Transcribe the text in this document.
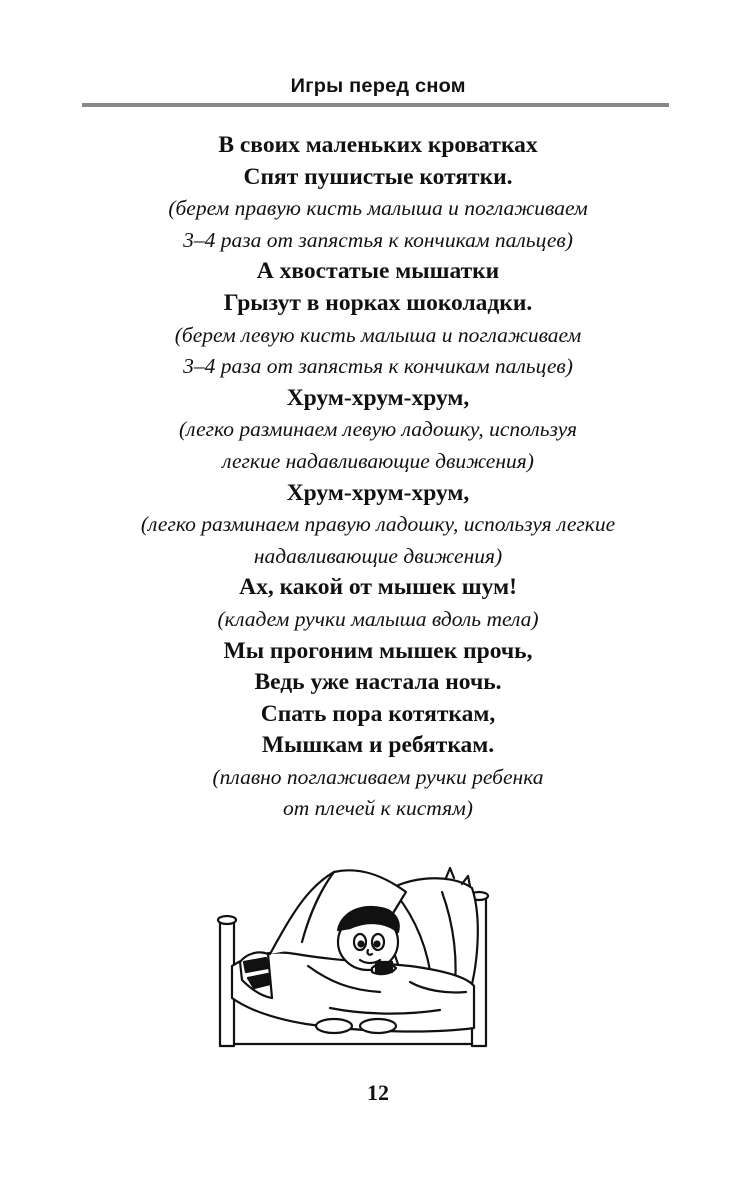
Игры перед сном
В своих маленьких кроватках
Спят пушистые котятки.
(берем правую кисть малыша и поглаживаем
3–4 раза от запястья к кончикам пальцев)
А хвостатые мышатки
Грызут в норках шоколадки.
(берем левую кисть малыша и поглаживаем
3–4 раза от запястья к кончикам пальцев)
Хрум-хрум-хрум,
(легко разминаем левую ладошку, используя
легкие надавливающие движения)
Хрум-хрум-хрум,
(легко разминаем правую ладошку, используя легкие
надавливающие движения)
Ах, какой от мышек шум!
(кладем ручки малыша вдоль тела)
Мы прогоним мышек прочь,
Ведь уже настала ночь.
Спать пора котяткам,
Мышкам и ребяткам.
(плавно поглаживаем ручки ребенка
от плечей к кистям)
12
